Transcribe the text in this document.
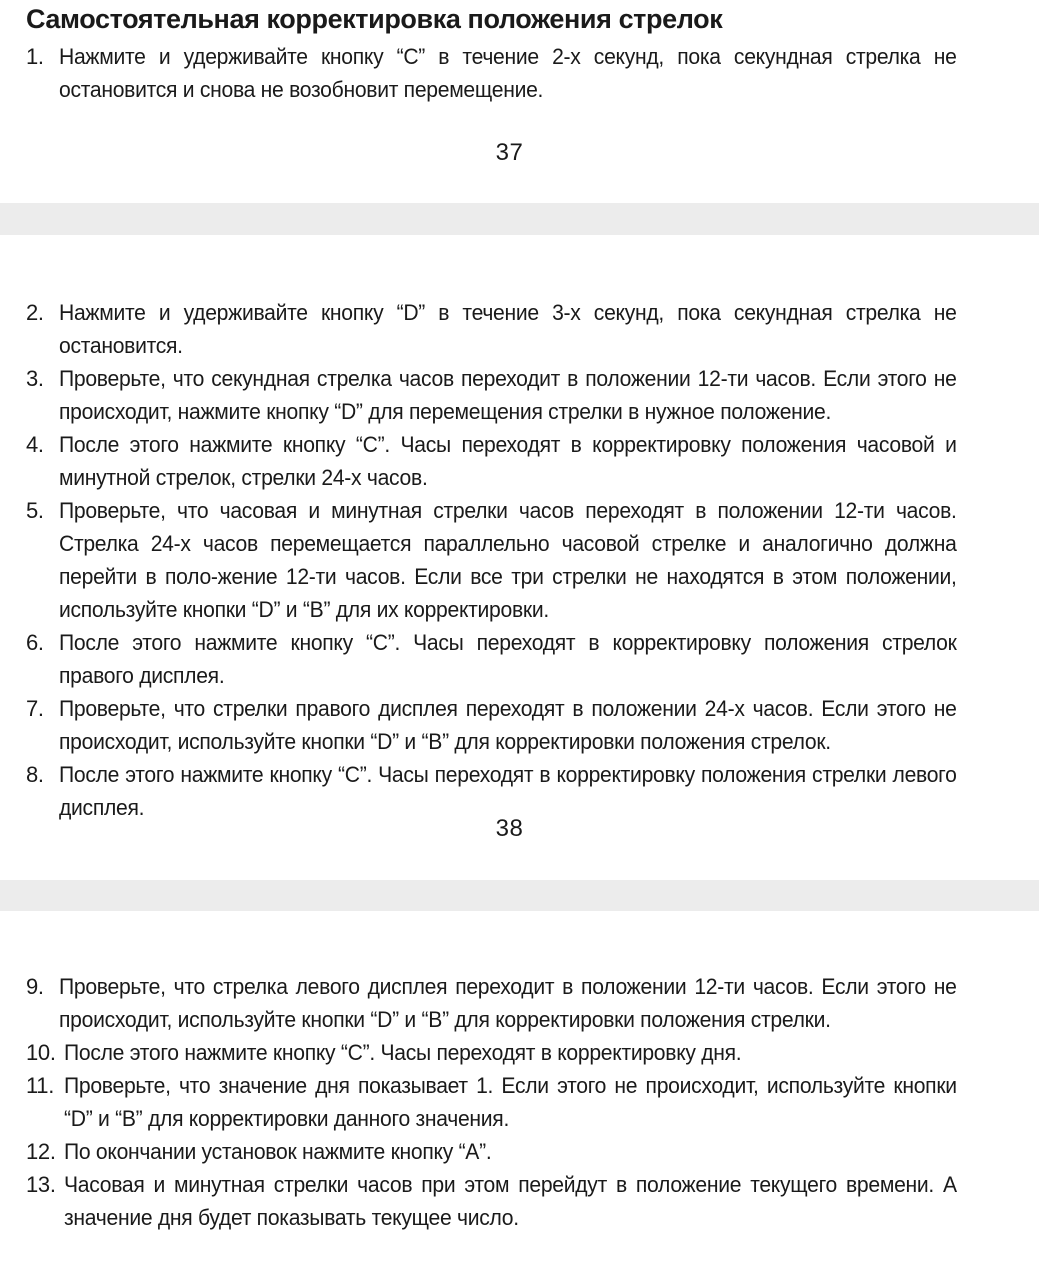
Самостоятельная корректировка положения стрелок
1. Нажмите и удерживайте кнопку “C” в течение 2-х секунд, пока секундная стрелка не остановится и снова не возобновит перемещение.
37
2. Нажмите и удерживайте кнопку “D” в течение 3-х секунд, пока секундная стрелка не остановится.
3. Проверьте, что секундная стрелка часов переходит в положении 12-ти часов. Если этого не происходит, нажмите кнопку “D” для перемещения стрелки в нужное положение.
4. После этого нажмите кнопку “C”. Часы переходят в корректировку положения часовой и минутной стрелок, стрелки 24-х часов.
5. Проверьте, что часовая и минутная стрелки часов переходят в положении 12-ти часов. Стрелка 24-х часов перемещается параллельно часовой стрелке и аналогично должна перейти в поло-жение 12-ти часов. Если все три стрелки не находятся в этом положении, используйте кнопки “D” и “B” для их корректировки.
6. После этого нажмите кнопку “C”. Часы переходят в корректировку положения стрелок правого дисплея.
7. Проверьте, что стрелки правого дисплея переходят в положении 24-х часов. Если этого не происходит, используйте кнопки “D” и “B” для корректировки положения стрелок.
8. После этого нажмите кнопку “C”. Часы переходят в корректировку положения стрелки левого дисплея.
38
9. Проверьте, что стрелка левого дисплея переходит в положении 12-ти часов. Если этого не происходит, используйте кнопки “D” и “B” для корректировки положения стрелки.
10. После этого нажмите кнопку “C”. Часы переходят в корректировку дня.
11. Проверьте, что значение дня показывает 1. Если этого не происходит, используйте кнопки “D” и “B” для корректировки данного значения.
12. По окончании установок нажмите кнопку “A”.
13. Часовая и минутная стрелки часов при этом перейдут в положение текущего времени. А значение дня будет показывать текущее число.
